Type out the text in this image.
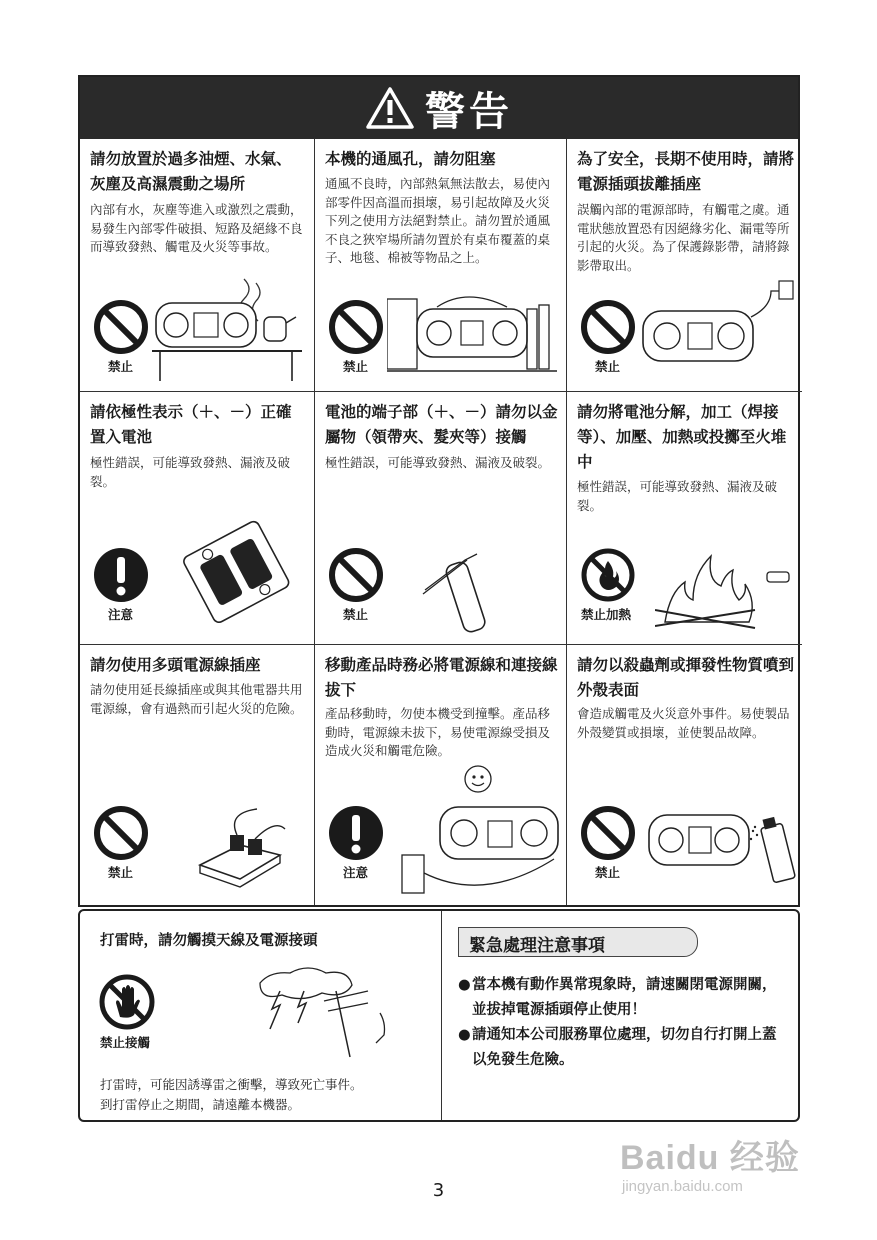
警告
請勿放置於過多油煙、水氣、灰塵及高濕震動之場所
內部有水，灰塵等進入或激烈之震動，易發生內部零件破損、短路及絕緣不良而導致發熱、觸電及火災等事故。
禁止
本機的通風孔，請勿阻塞
通風不良時，內部熱氣無法散去，易使內部零件因高溫而損壞，易引起故障及火災下列之使用方法絕對禁止。請勿置於通風不良之狹窄場所請勿置於有桌布覆蓋的桌子、地毯、棉被等物品之上。
禁止
為了安全，長期不使用時，請將電源插頭拔離插座
誤觸內部的電源部時，有觸電之虞。通電狀態放置恐有因絕緣劣化、漏電等所引起的火災。為了保護錄影帶，請將錄影帶取出。
禁止
請依極性表示（＋、－）正確置入電池
極性錯誤，可能導致發熱、漏液及破裂。
注意
電池的端子部（＋、－）請勿以金屬物（領帶夾、髮夾等）接觸
極性錯誤，可能導致發熱、漏液及破裂。
禁止
請勿將電池分解，加工（焊接等）、加壓、加熱或投擲至火堆中
極性錯誤，可能導致發熱、漏液及破裂。
禁止加熱
請勿使用多頭電源線插座
請勿使用延長線插座或與其他電器共用電源線，會有過熱而引起火災的危險。
禁止
移動產品時務必將電源線和連接線拔下
產品移動時，勿使本機受到撞擊。產品移動時，電源線未拔下，易使電源線受損及造成火災和觸電危險。
注意
請勿以殺蟲劑或揮發性物質噴到外殼表面
會造成觸電及火災意外事件。易使製品外殼變質或損壞，並使製品故障。
禁止
打雷時，請勿觸摸天線及電源接頭
禁止接觸
打雷時，可能因誘導雷之衝擊，導致死亡事件。
到打雷停止之期間，請遠離本機器。
緊急處理注意事項
● 當本機有動作異常現象時，請速關閉電源開關，並拔掉電源插頭停止使用！
● 請通知本公司服務單位處理，切勿自行打開上蓋以免發生危險。
3
Baidu 经验
jingyan.baidu.com
